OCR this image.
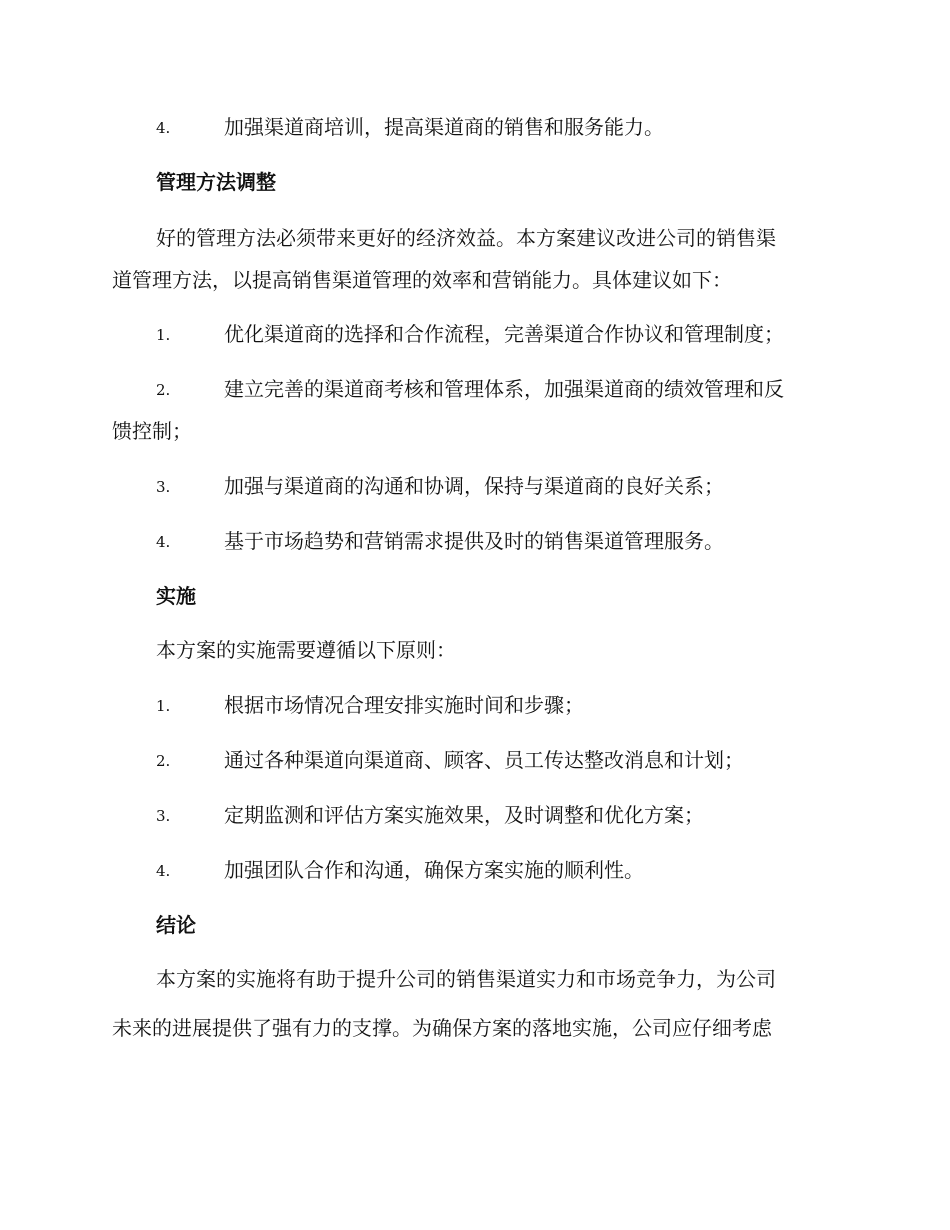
4.	加强渠道商培训，提高渠道商的销售和服务能力。
管理方法调整
好的管理方法必须带来更好的经济效益。本方案建议改进公司的销售渠
道管理方法，以提高销售渠道管理的效率和营销能力。具体建议如下：
1.	优化渠道商的选择和合作流程，完善渠道合作协议和管理制度；
2.	建立完善的渠道商考核和管理体系，加强渠道商的绩效管理和反
馈控制；
3.	加强与渠道商的沟通和协调，保持与渠道商的良好关系；
4.	基于市场趋势和营销需求提供及时的销售渠道管理服务。
实施
本方案的实施需要遵循以下原则：
1.	根据市场情况合理安排实施时间和步骤；
2.	通过各种渠道向渠道商、顾客、员工传达整改消息和计划；
3.	定期监测和评估方案实施效果，及时调整和优化方案；
4.	加强团队合作和沟通，确保方案实施的顺利性。
结论
本方案的实施将有助于提升公司的销售渠道实力和市场竞争力，为公司
未来的进展提供了强有力的支撑。为确保方案的落地实施，公司应仔细考虑
